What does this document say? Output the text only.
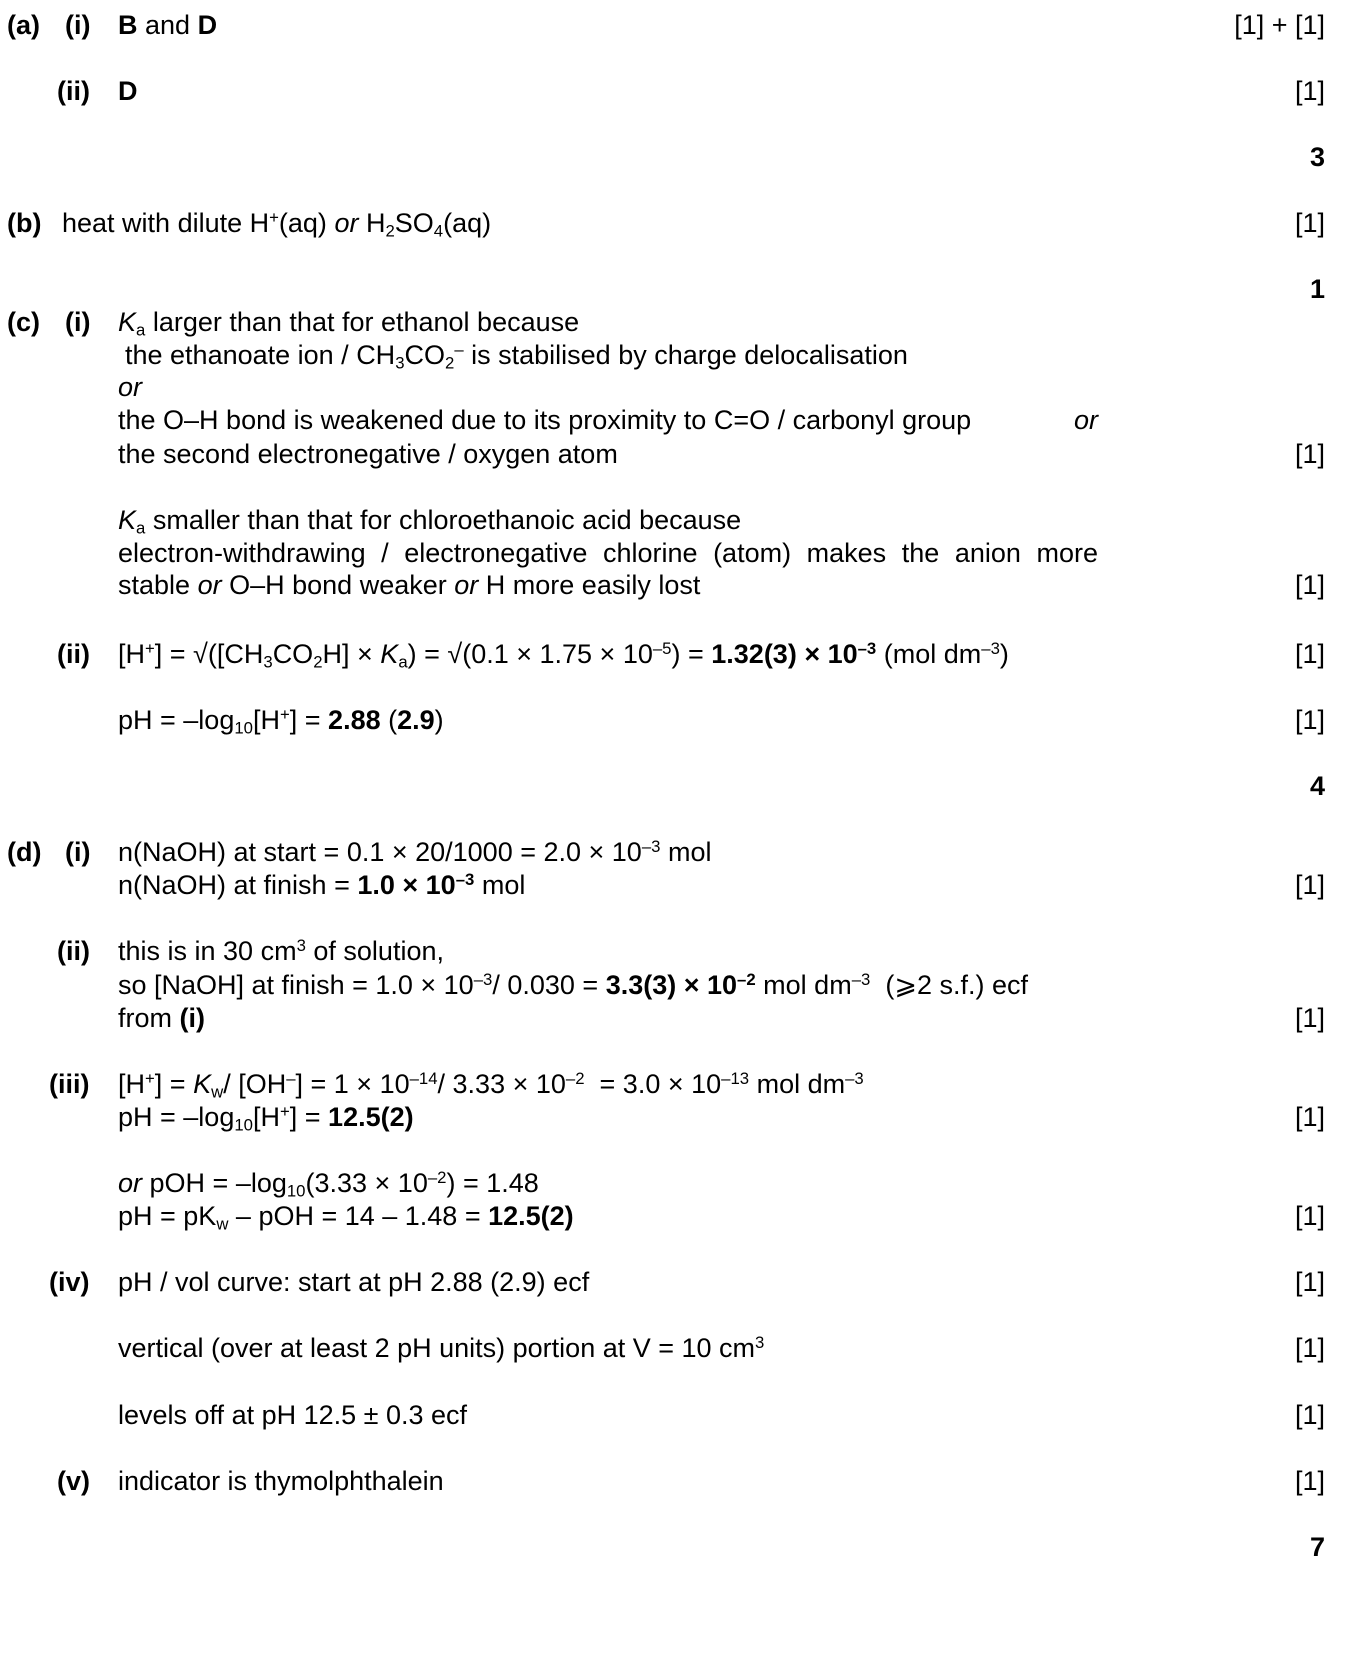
(a) (i) B and D	[1] + [1]
(ii) D	[1]
3
(b) heat with dilute H+(aq) or $H_2SO_4(aq)$	[1]
1
(c) (i) $K_a$ larger than that for ethanol because
the ethanoate ion / $CH_3CO_2^-$ is stabilised by charge delocalisation
or
the O–H bond is weakened due to its proximity to C=O / carbonyl group	or
the second electronegative / oxygen atom	[1]
$K_a$ smaller than that for chloroethanoic acid because
electron-withdrawing / electronegative chlorine (atom) makes the anion more
stable or O–H bond weaker or H more easily lost	[1]
(ii) $[H^+] = √([CH_3CO_2H] \times K_a) = √(0.1 \times 1.75 \times 10^{-5}) = 1.32(3) \times 10^{-3}$ (mol $dm^{-3}$)	[1]
pH = $-\log_{10}[H^+] = 2.88$ (2.9)	[1]
4
(d) (i) n(NaOH) at start = $0.1 \times 20/1000 = 2.0 \times 10^{-3}$ mol
n(NaOH) at finish = $1.0 \times 10^{-3}$ mol	[1]
(ii) this is in 30 $cm^3$ of solution,
so [NaOH] at finish = $1.0 \times 10^{-3}/$ $0.030 = 3.3(3) \times 10^{-2}$ mol $dm^{-3}$ (⩾2 s.f.) ecf
from (i)	[1]
(iii) $[H^+] = K_w/$ $[OH^-] = 1 \times 10^{-14}/$ $3.33 \times 10^{-2} = 3.0 \times 10^{-13}$ mol $dm^{-3}$
pH = $-\log_{10}[H^+] = 12.5(2)$	[1]
or pOH = $-\log_{10}(3.33 \times 10^{-2}) = 1.48$
pH = $pK_w$ – pOH = 14 – 1.48 = 12.5(2)	[1]
(iv) pH / vol curve: start at pH 2.88 (2.9) ecf	[1]
vertical (over at least 2 pH units) portion at V = 10 $cm^3$	[1]
levels off at pH 12.5 ± 0.3 ecf	[1]
(v) indicator is thymolphthalein	[1]
7
